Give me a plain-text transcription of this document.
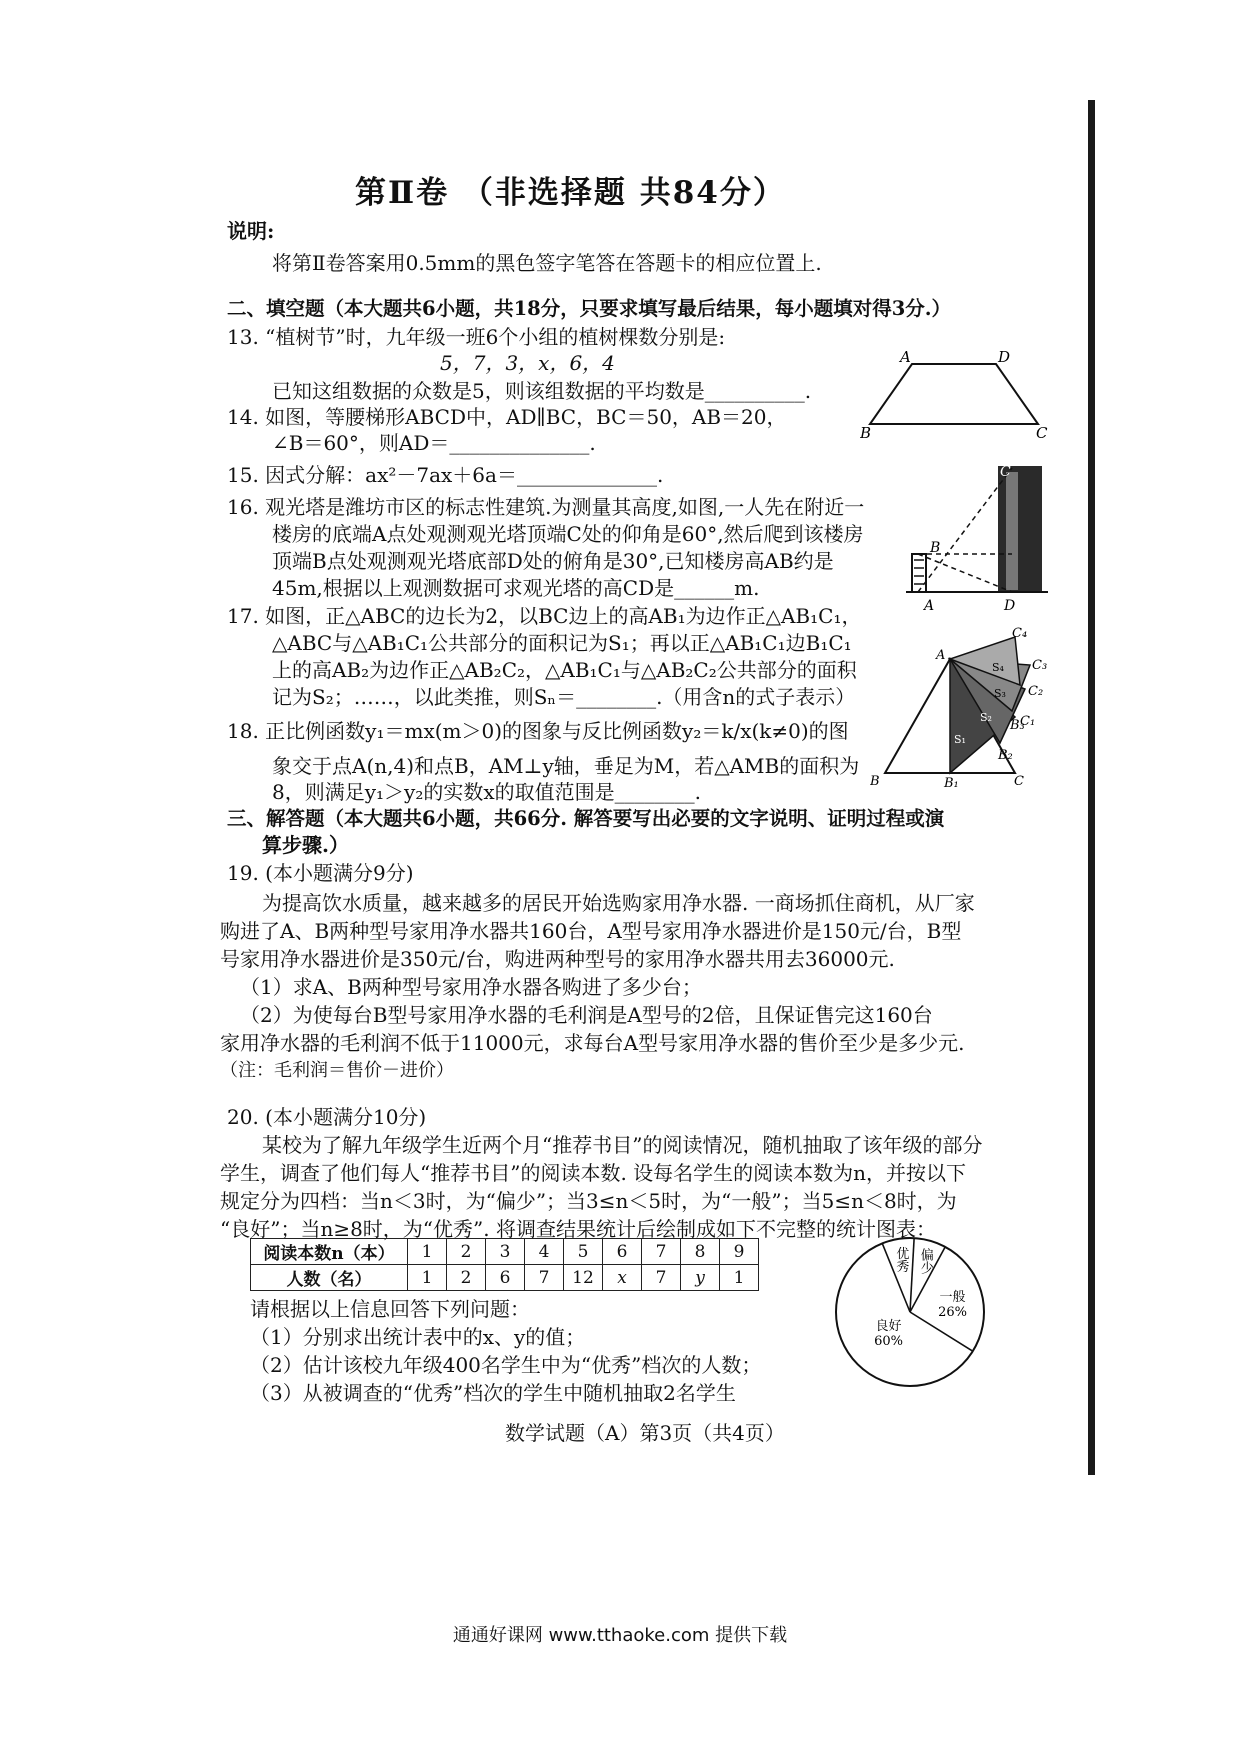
第Ⅱ卷 （非选择题 共84分）
说明:
将第Ⅱ卷答案用0.5mm的黑色签字笔答在答题卡的相应位置上.
二、填空题（本大题共6小题，共18分，只要求填写最后结果，每小题填对得3分.）
13. “植树节”时，九年级一班6个小组的植树棵数分别是:
5，7，3，x，6，4
已知这组数据的众数是5，则该组数据的平均数是__________.
14. 如图，等腰梯形ABCD中，AD∥BC，BC＝50，AB＝20，
∠B＝60°，则AD＝______________.
15. 因式分解：ax²－7ax＋6a＝______________.
16. 观光塔是潍坊市区的标志性建筑.为测量其高度,如图,一人先在附近一
楼房的底端A点处观测观光塔顶端C处的仰角是60°,然后爬到该楼房
顶端B点处观测观光塔底部D处的俯角是30°,已知楼房高AB约是
45m,根据以上观测数据可求观光塔的高CD是______m.
17. 如图，正△ABC的边长为2，以BC边上的高AB₁为边作正△AB₁C₁，
△ABC与△AB₁C₁公共部分的面积记为S₁；再以正△AB₁C₁边B₁C₁
上的高AB₂为边作正△AB₂C₂，△AB₁C₁与△AB₂C₂公共部分的面积
记为S₂；……，以此类推，则Sₙ＝________.（用含n的式子表示）
18. 正比例函数y₁＝mx(m＞0)的图象与反比例函数y₂＝k/x(k≠0)的图
象交于点A(n,4)和点B，AM⊥y轴，垂足为M，若△AMB的面积为
8，则满足y₁＞y₂的实数x的取值范围是________.
三、解答题（本大题共6小题，共66分. 解答要写出必要的文字说明、证明过程或演
算步骤.）
19. (本小题满分9分)
为提高饮水质量，越来越多的居民开始选购家用净水器. 一商场抓住商机，从厂家
购进了A、B两种型号家用净水器共160台，A型号家用净水器进价是150元/台，B型
号家用净水器进价是350元/台，购进两种型号的家用净水器共用去36000元.
（1）求A、B两种型号家用净水器各购进了多少台；
（2）为使每台B型号家用净水器的毛利润是A型号的2倍，且保证售完这160台
家用净水器的毛利润不低于11000元，求每台A型号家用净水器的售价至少是多少元.
（注：毛利润＝售价－进价）
20. (本小题满分10分)
某校为了解九年级学生近两个月“推荐书目”的阅读情况，随机抽取了该年级的部分
学生，调查了他们每人“推荐书目”的阅读本数. 设每名学生的阅读本数为n，并按以下
规定分为四档：当n＜3时，为“偏少”；当3≤n＜5时，为“一般”；当5≤n＜8时，为
“良好”；当n≥8时，为“优秀”. 将调查结果统计后绘制成如下不完整的统计图表：
阅读本数n（本）	1	2	3	4	5	6	7	8	9
人数（名）	1	2	6	7	12	x	7	y	1
请根据以上信息回答下列问题：
（1）分别求出统计表中的x、y的值；
（2）估计该校九年级400名学生中为“优秀”档次的人数；
（3）从被调查的“优秀”档次的学生中随机抽取2名学生
数学试题（A）第3页（共4页）
通通好课网 www.tthaoke.com 提供下载
A	D
B	C
C
B
A	D
A
B	B₁	C
C₁
C₂
C₃
C₄
B₂
B₃
S₁
S₂
S₃
S₄
良好
60%
一般
26%
偏少
优秀
